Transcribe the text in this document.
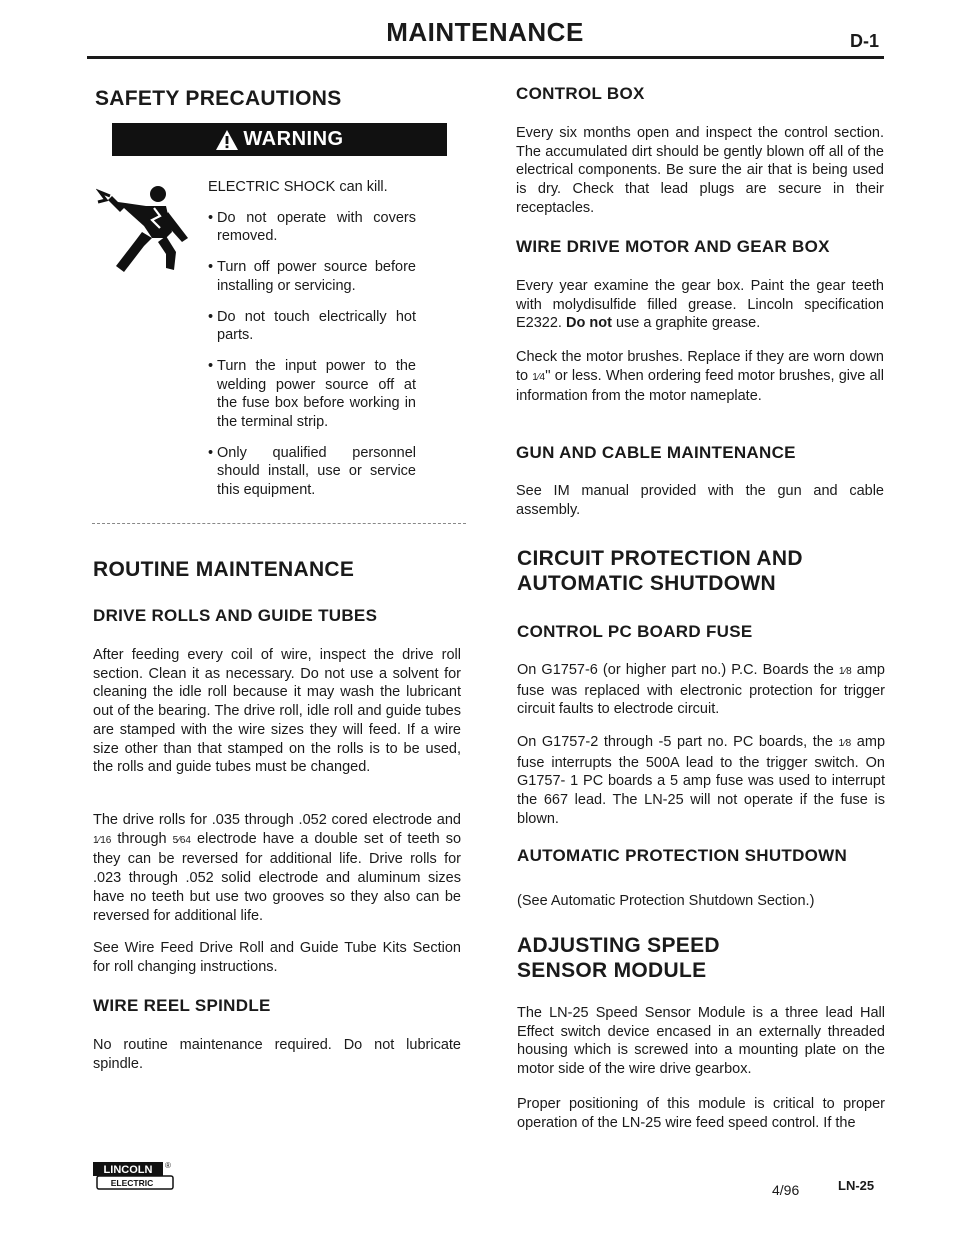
MAINTENANCE	D-1
SAFETY PRECAUTIONS
WARNING
ELECTRIC SHOCK can kill.
• Do not operate with covers removed.
• Turn off power source before installing or servicing.
• Do not touch electrically hot parts.
• Turn the input power to the welding power source off at the fuse box before working in the terminal strip.
• Only qualified personnel should install, use or service this equipment.
ROUTINE MAINTENANCE
DRIVE ROLLS AND GUIDE TUBES

After feeding every coil of wire, inspect the drive roll section. Clean it as necessary. Do not use a solvent for cleaning the idle roll because it may wash the lubricant out of the bearing. The drive roll, idle roll and guide tubes are stamped with the wire sizes they will feed. If a wire size other than that stamped on the rolls is to be used, the rolls and guide tubes must be changed.

The drive rolls for .035 through .052 cored electrode and 1⁄16 through 5⁄64 electrode have a double set of teeth so they can be reversed for additional life. Drive rolls for .023 through .052 solid electrode and aluminum sizes have no teeth but use two grooves so they also can be reversed for additional life.

See Wire Feed Drive Roll and Guide Tube Kits Section for roll changing instructions.

WIRE REEL SPINDLE

No routine maintenance required. Do not lubricate spindle.

CONTROL BOX

Every six months open and inspect the control section. The accumulated dirt should be gently blown off all of the electrical components. Be sure the air that is being used is dry. Check that lead plugs are secure in their receptacles.

WIRE DRIVE MOTOR AND GEAR BOX

Every year examine the gear box. Paint the gear teeth with molydisulfide filled grease. Lincoln specification E2322. Do not use a graphite grease.

Check the motor brushes. Replace if they are worn down to 1⁄4'' or less. When ordering feed motor brushes, give all information from the motor nameplate.

GUN AND CABLE MAINTENANCE

See IM manual provided with the gun and cable assembly.

CIRCUIT PROTECTION AND
AUTOMATIC SHUTDOWN
CONTROL PC BOARD FUSE

On G1757-6 (or higher part no.) P.C. Boards the 1⁄8 amp fuse was replaced with electronic protection for trigger circuit faults to electrode circuit.

On G1757-2 through -5 part no. PC boards, the 1⁄8 amp fuse interrupts the 500A lead to the trigger switch. On G1757- 1 PC boards a 5 amp fuse was used to interrupt the 667 lead. The LN-25 will not operate if the fuse is blown.

AUTOMATIC PROTECTION SHUTDOWN

(See Automatic Protection Shutdown Section.)

ADJUSTING SPEED
SENSOR MODULE

The LN-25 Speed Sensor Module is a three lead Hall Effect switch device encased in an externally threaded housing which is screwed into a mounting plate on the motor side of the wire drive gearbox.

Proper positioning of this module is critical to proper operation of the LN-25 wire feed speed control. If the

LINCOLN
ELECTRIC
®
4/96	LN-25
